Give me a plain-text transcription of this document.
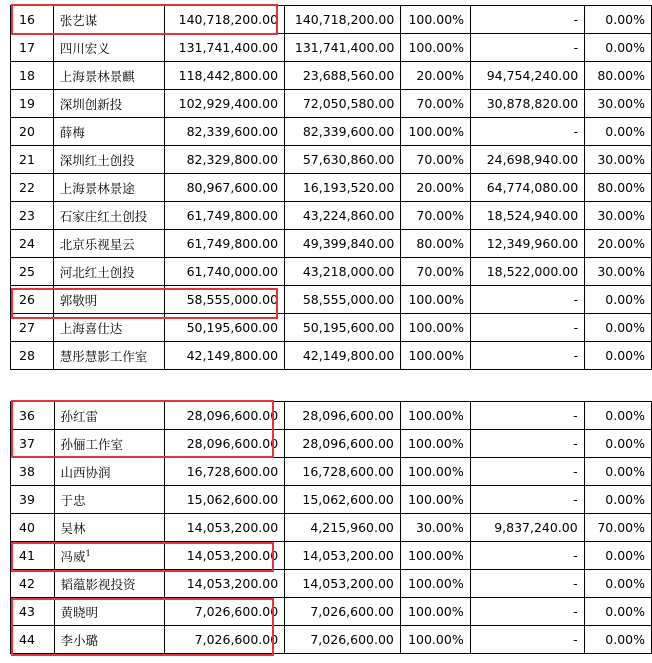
16	张艺谋	140,718,200.00	140,718,200.00	100.00%	-	0.00%
17	四川宏义	131,741,400.00	131,741,400.00	100.00%	-	0.00%
18	上海景林景麒	118,442,800.00	23,688,560.00	20.00%	94,754,240.00	80.00%
19	深圳创新投	102,929,400.00	72,050,580.00	70.00%	30,878,820.00	30.00%
20	薛梅	82,339,600.00	82,339,600.00	100.00%	-	0.00%
21	深圳红土创投	82,329,800.00	57,630,860.00	70.00%	24,698,940.00	30.00%
22	上海景林景途	80,967,600.00	16,193,520.00	20.00%	64,774,080.00	80.00%
23	石家庄红土创投	61,749,800.00	43,224,860.00	70.00%	18,524,940.00	30.00%
24	北京乐视星云	61,749,800.00	49,399,840.00	80.00%	12,349,960.00	20.00%
25	河北红土创投	61,740,000.00	43,218,000.00	70.00%	18,522,000.00	30.00%
26	郭敬明	58,555,000.00	58,555,000.00	100.00%	-	0.00%
27	上海喜仕达	50,195,600.00	50,195,600.00	100.00%	-	0.00%
28	慧彤慧影工作室	42,149,800.00	42,149,800.00	100.00%	-	0.00%
36	孙红雷	28,096,600.00	28,096,600.00	100.00%	-	0.00%
37	孙俪工作室	28,096,600.00	28,096,600.00	100.00%	-	0.00%
38	山西协润	16,728,600.00	16,728,600.00	100.00%	-	0.00%
39	于忠	15,062,600.00	15,062,600.00	100.00%	-	0.00%
40	吴林	14,053,200.00	4,215,960.00	30.00%	9,837,240.00	70.00%
41	冯威$^1$	14,053,200.00	14,053,200.00	100.00%	-	0.00%
42	韬蕴影视投资	14,053,200.00	14,053,200.00	100.00%	-	0.00%
43	黄晓明	7,026,600.00	7,026,600.00	100.00%	-	0.00%
44	李小璐	7,026,600.00	7,026,600.00	100.00%	-	0.00%
